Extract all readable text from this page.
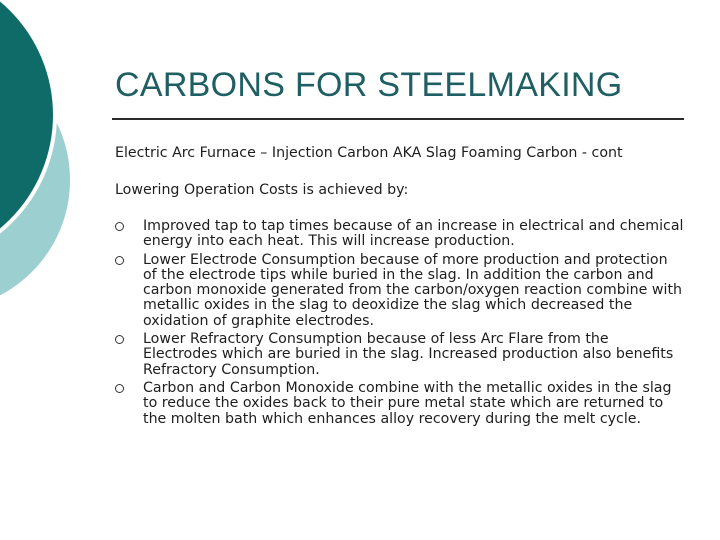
CARBONS FOR STEELMAKING

Electric Arc Furnace – Injection Carbon AKA Slag Foaming Carbon - cont

Lowering Operation Costs is achieved by:

Improved tap to tap times because of an increase in electrical and chemical energy into each heat. This will increase production.
Lower Electrode Consumption because of more production and protection of the electrode tips while buried in the slag. In addition the carbon and carbon monoxide generated from the carbon/oxygen reaction combine with metallic oxides in the slag to deoxidize the slag which decreased the oxidation of graphite electrodes.
Lower Refractory Consumption because of less Arc Flare from the Electrodes which are buried in the slag. Increased production also benefits Refractory Consumption.
Carbon and Carbon Monoxide combine with the metallic oxides in the slag to reduce the oxides back to their pure metal state which are returned to the molten bath which enhances alloy recovery during the melt cycle.
